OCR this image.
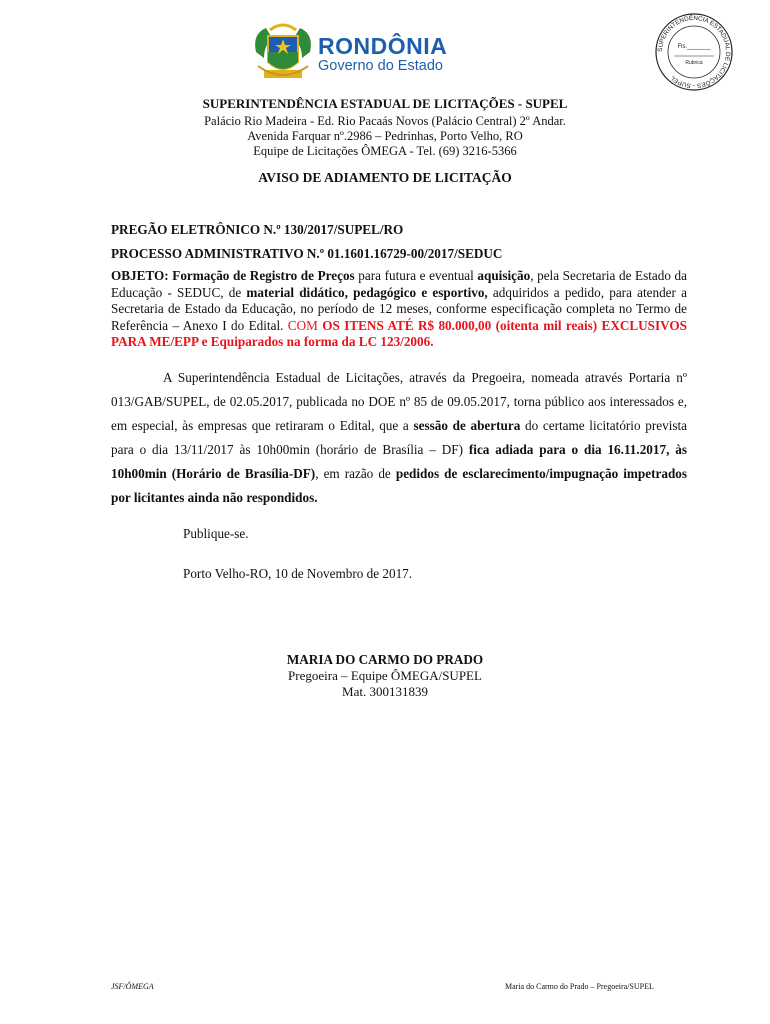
RONDÔNIA
Governo do Estado
SUPERINTENDÊNCIA ESTADUAL DE LICITAÇÕES - SUPEL
Fls._______
Rubrica
SUPERINTENDÊNCIA ESTADUAL DE LICITAÇÕES - SUPEL
Palácio Rio Madeira - Ed. Rio Pacaás Novos (Palácio Central) 2º Andar.
Avenida Farquar nº.2986 – Pedrinhas, Porto Velho, RO
Equipe de Licitações ÔMEGA - Tel. (69) 3216-5366
AVISO DE ADIAMENTO DE LICITAÇÃO
PREGÃO ELETRÔNICO N.º 130/2017/SUPEL/RO
PROCESSO ADMINISTRATIVO N.º 01.1601.16729-00/2017/SEDUC
OBJETO: Formação de Registro de Preços para futura e eventual aquisição, pela Secretaria de Estado da Educação - SEDUC, de material didático, pedagógico e esportivo, adquiridos a pedido, para atender a Secretaria de Estado da Educação, no período de 12 meses, conforme especificação completa no Termo de Referência – Anexo I do Edital. COM OS ITENS ATÉ R$ 80.000,00 (oitenta mil reais) EXCLUSIVOS PARA ME/EPP e Equiparados na forma da LC 123/2006.
A Superintendência Estadual de Licitações, através da Pregoeira, nomeada através Portaria nº 013/GAB/SUPEL, de 02.05.2017, publicada no DOE nº 85 de 09.05.2017, torna público aos interessados e, em especial, às empresas que retiraram o Edital, que a sessão de abertura do certame licitatório prevista para o dia 13/11/2017 às 10h00min (horário de Brasília – DF) fica adiada para o dia 16.11.2017, às 10h00min (Horário de Brasília-DF), em razão de pedidos de esclarecimento/impugnação impetrados por licitantes ainda não respondidos.
Publique-se.
Porto Velho-RO, 10 de Novembro de 2017.
MARIA DO CARMO DO PRADO
Pregoeira – Equipe ÔMEGA/SUPEL
Mat. 300131839
JSF/ÔMEGA	Maria do Carmo do Prado – Pregoeira/SUPEL
